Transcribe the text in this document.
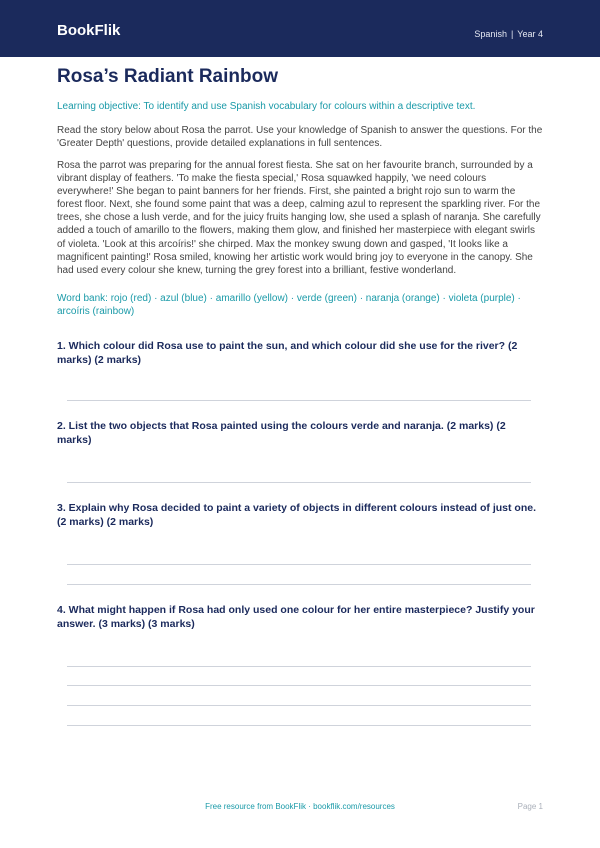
BookFlik	Spanish | Year 4
Rosa’s Radiant Rainbow
Learning objective: To identify and use Spanish vocabulary for colours within a descriptive text.
Read the story below about Rosa the parrot. Use your knowledge of Spanish to answer the questions. For the 'Greater Depth' questions, provide detailed explanations in full sentences.
Rosa the parrot was preparing for the annual forest fiesta. She sat on her favourite branch, surrounded by a vibrant display of feathers. 'To make the fiesta special,' Rosa squawked happily, 'we need colours everywhere!' She began to paint banners for her friends. First, she painted a bright rojo sun to warm the forest floor. Next, she found some paint that was a deep, calming azul to represent the sparkling river. For the trees, she chose a lush verde, and for the juicy fruits hanging low, she used a splash of naranja. She carefully added a touch of amarillo to the flowers, making them glow, and finished her masterpiece with elegant swirls of violeta. 'Look at this arcoíris!' she chirped. Max the monkey swung down and gasped, 'It looks like a magnificent painting!' Rosa smiled, knowing her artistic work would bring joy to everyone in the canopy. She had used every colour she knew, turning the grey forest into a brilliant, festive wonderland.
Word bank: rojo (red) · azul (blue) · amarillo (yellow) · verde (green) · naranja (orange) · violeta (purple) · arcoíris (rainbow)
1. Which colour did Rosa use to paint the sun, and which colour did she use for the river? (2 marks) (2 marks)
2. List the two objects that Rosa painted using the colours verde and naranja. (2 marks) (2 marks)
3. Explain why Rosa decided to paint a variety of objects in different colours instead of just one. (2 marks) (2 marks)
4. What might happen if Rosa had only used one colour for her entire masterpiece? Justify your answer. (3 marks) (3 marks)
Free resource from BookFlik · bookflik.com/resources	Page 1
